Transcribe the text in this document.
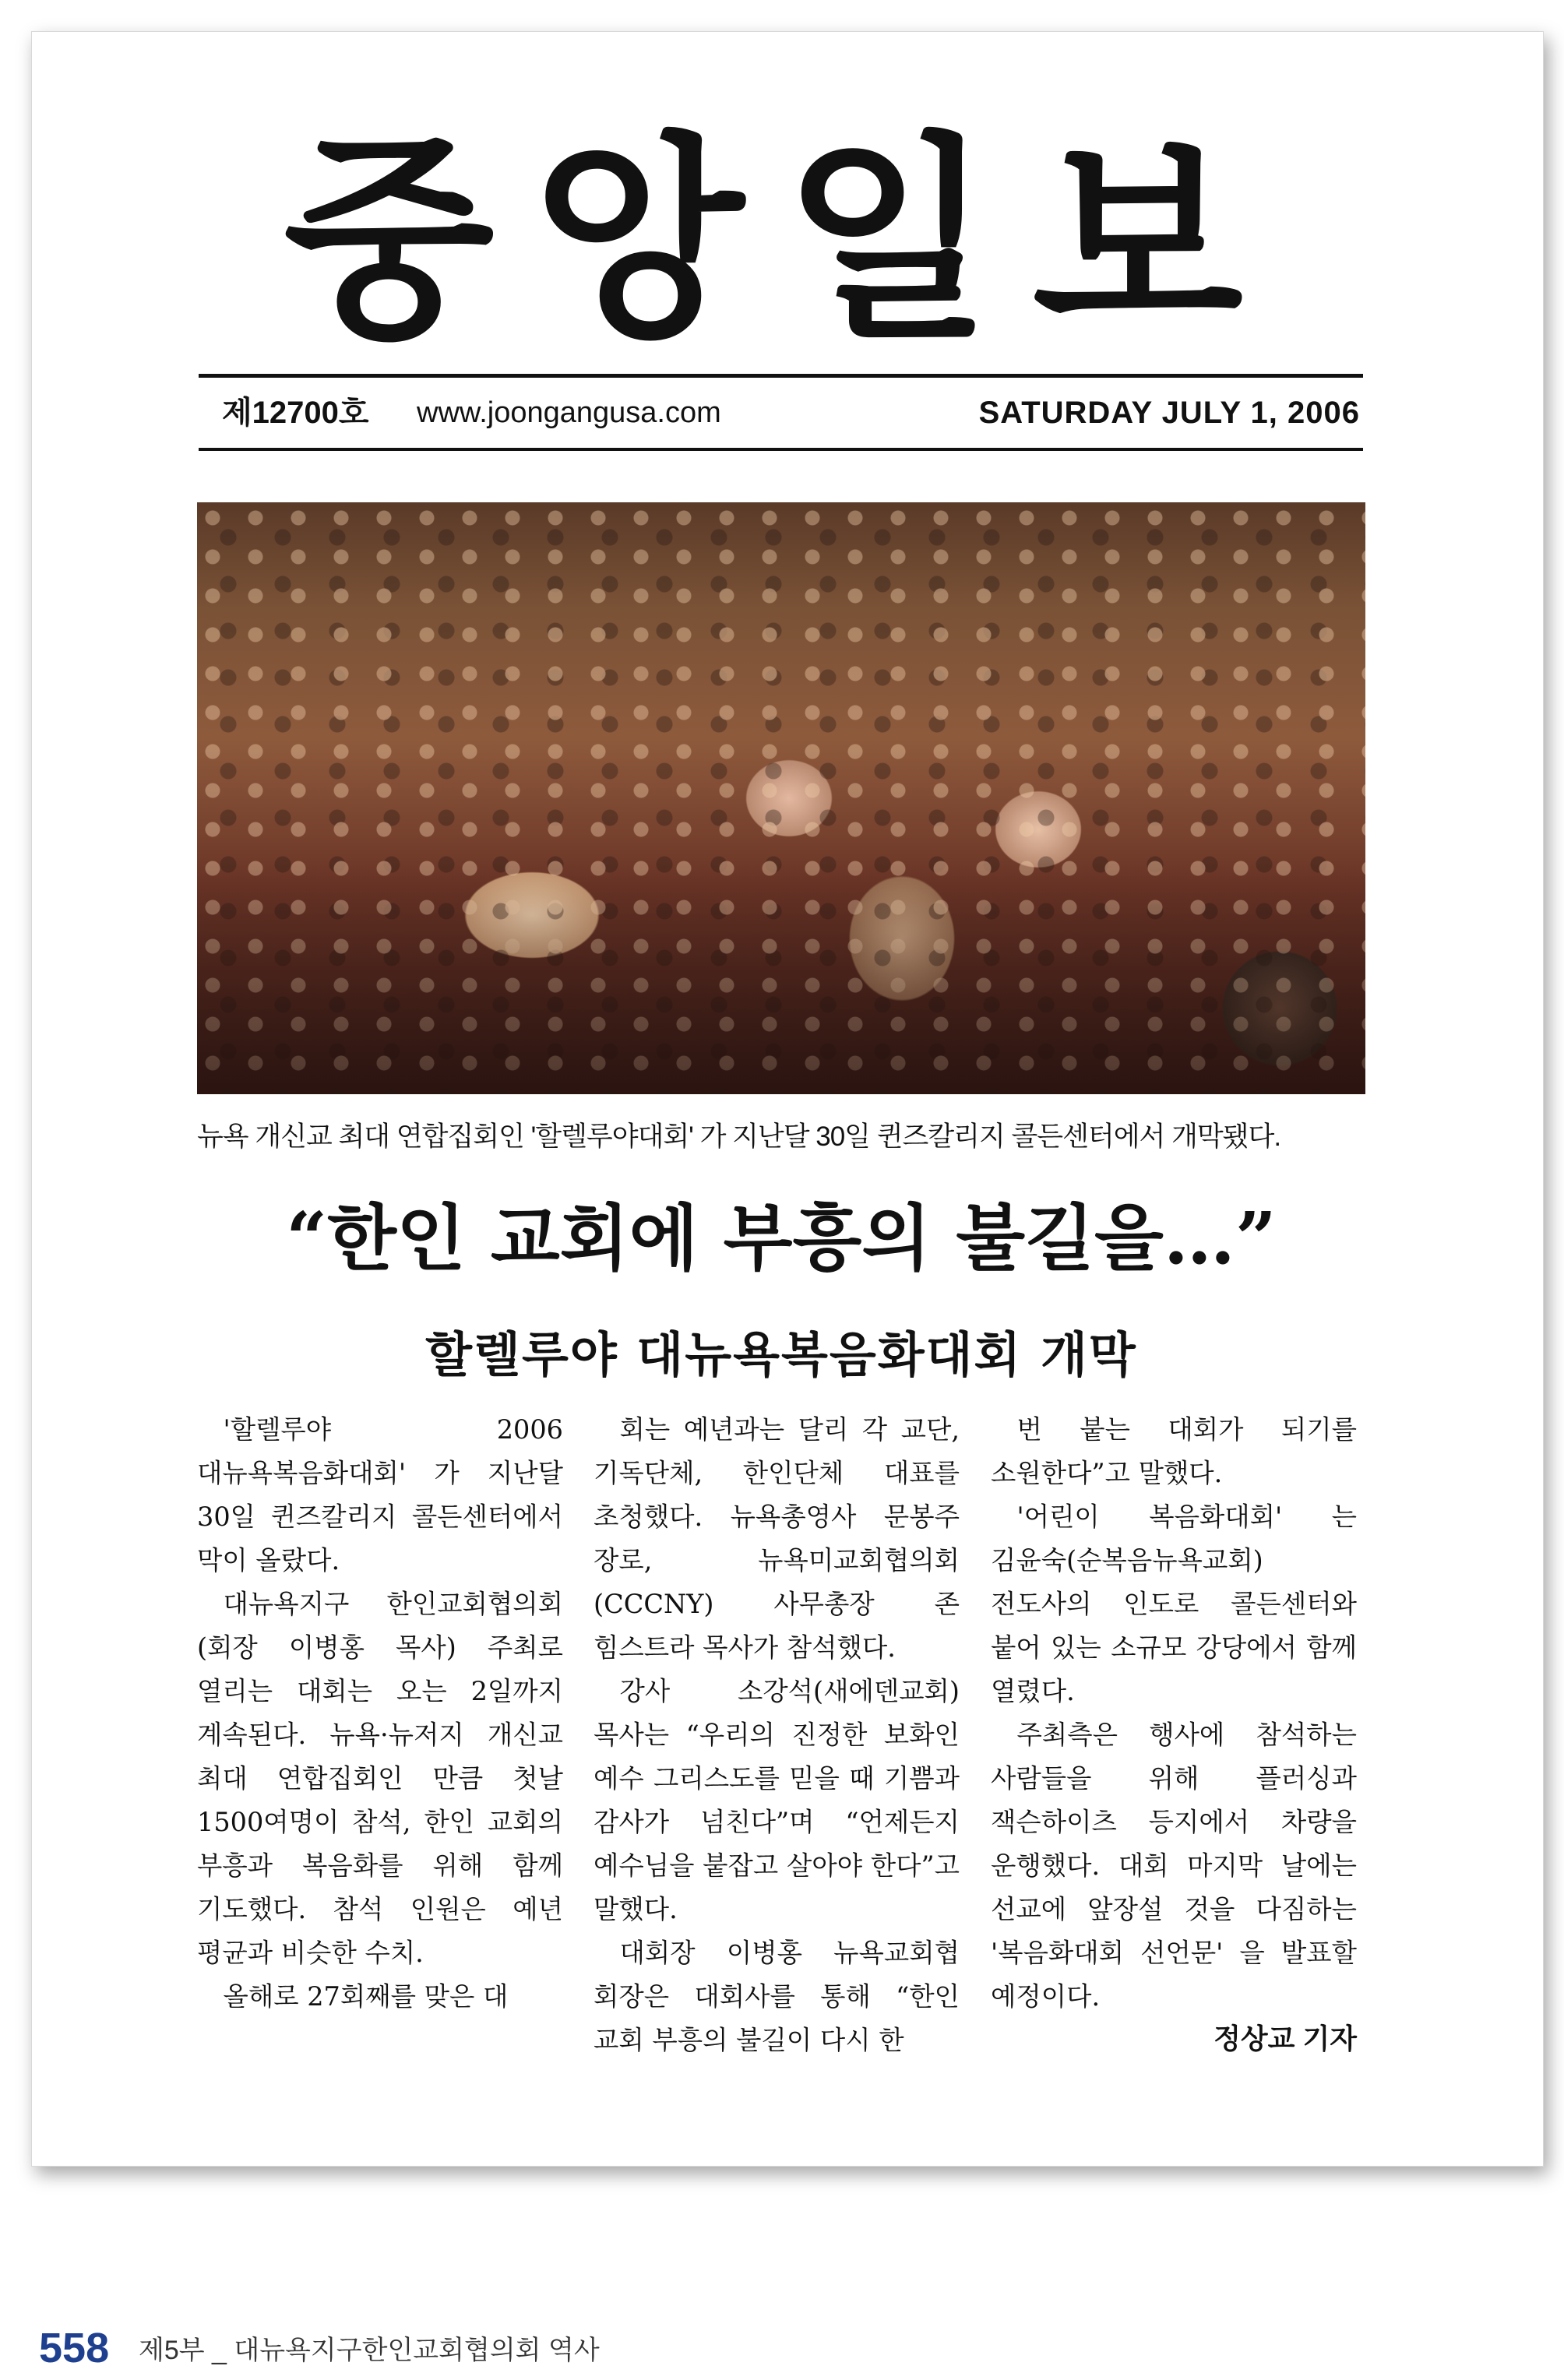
중앙일보
제12700호 www.joongangusa.com	SATURDAY JULY 1, 2006
뉴욕 개신교 최대 연합집회인 '할렐루야대회' 가 지난달 30일 퀸즈칼리지 콜든센터에서 개막됐다.
“한인 교회에 부흥의 불길을…”
할렐루야 대뉴욕복음화대회 개막

'할렐루야 2006 대뉴욕복음화대회' 가 지난달 30일 퀸즈칼리지 콜든센터에서 막이 올랐다.

대뉴욕지구 한인교회협의회(회장 이병홍 목사) 주최로 열리는 대회는 오는 2일까지 계속된다. 뉴욕·뉴저지 개신교 최대 연합집회인 만큼 첫날 1500여명이 참석, 한인 교회의 부흥과 복음화를 위해 함께 기도했다. 참석 인원은 예년 평균과 비슷한 수치.

올해로 27회째를 맞은 대

회는 예년과는 달리 각 교단, 기독단체, 한인단체 대표를 초청했다. 뉴욕총영사 문봉주 장로, 뉴욕미교회협의회(CCCNY) 사무총장 존 힘스트라 목사가 참석했다.

강사 소강석(새에덴교회) 목사는 “우리의 진정한 보화인 예수 그리스도를 믿을 때 기쁨과 감사가 넘친다”며 “언제든지 예수님을 붙잡고 살아야 한다”고 말했다.

대회장 이병홍 뉴욕교회협 회장은 대회사를 통해 “한인 교회 부흥의 불길이 다시 한

번 붙는 대회가 되기를 소원한다”고 말했다.

'어린이 복음화대회' 는 김윤숙(순복음뉴욕교회) 전도사의 인도로 콜든센터와 붙어 있는 소규모 강당에서 함께 열렸다.

주최측은 행사에 참석하는 사람들을 위해 플러싱과 잭슨하이츠 등지에서 차량을 운행했다. 대회 마지막 날에는 선교에 앞장설 것을 다짐하는 '복음화대회 선언문' 을 발표할 예정이다.

정상교 기자
558 제5부 _ 대뉴욕지구한인교회협의회 역사
